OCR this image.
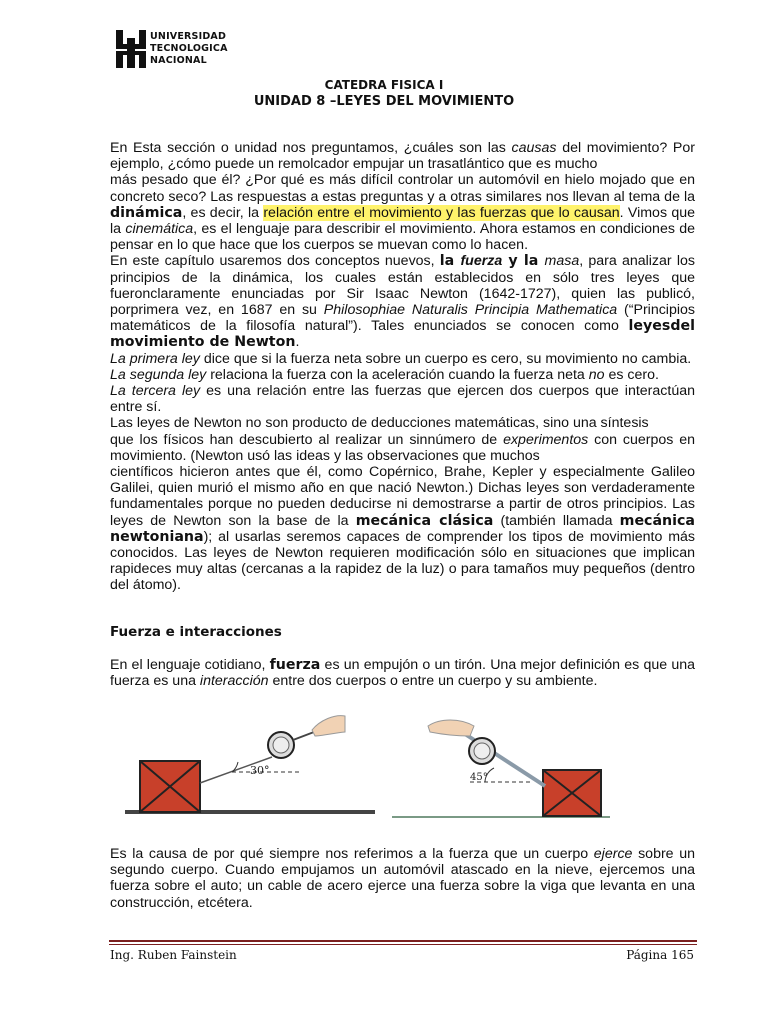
UNIVERSIDAD
TECNOLOGICA
NACIONAL
CATEDRA FISICA I
UNIDAD 8 –LEYES DEL MOVIMIENTO

En Esta sección o unidad nos preguntamos, ¿cuáles son las causas del movimiento? Por ejemplo, ¿cómo puede un remolcador empujar un trasatlántico que es mucho

más pesado que él? ¿Por qué es más difícil controlar un automóvil en hielo mojado que en concreto seco? Las respuestas a estas preguntas y a otras similares nos llevan al tema de la dinámica, es decir, la relación entre el movimiento y las fuerzas que lo causan. Vimos que la cinemática, es el lenguaje para describir el movimiento. Ahora estamos en condiciones de pensar en lo que hace que los cuerpos se muevan como lo hacen.

En este capítulo usaremos dos conceptos nuevos, la fuerza y la masa, para analizar los principios de la dinámica, los cuales están establecidos en sólo tres leyes que fueronclaramente enunciadas por Sir Isaac Newton (1642-1727), quien las publicó, porprimera vez, en 1687 en su Philosophiae Naturalis Principia Mathematica (“Principios matemáticos de la filosofía natural”). Tales enunciados se conocen como leyesdel movimiento de Newton.

La primera ley dice que si la fuerza neta sobre un cuerpo es cero, su movimiento no cambia.

La segunda ley relaciona la fuerza con la aceleración cuando la fuerza neta no es cero.

La tercera ley es una relación entre las fuerzas que ejercen dos cuerpos que interactúan entre sí.

Las leyes de Newton no son producto de deducciones matemáticas, sino una síntesis

que los físicos han descubierto al realizar un sinnúmero de experimentos con cuerpos en movimiento. (Newton usó las ideas y las observaciones que muchos

científicos hicieron antes que él, como Copérnico, Brahe, Kepler y especialmente Galileo Galilei, quien murió el mismo año en que nació Newton.) Dichas leyes son verdaderamente fundamentales porque no pueden deducirse ni demostrarse a partir de otros principios. Las leyes de Newton son la base de la mecánica clásica (también llamada mecánica newtoniana); al usarlas seremos capaces de comprender los tipos de movimiento más conocidos. Las leyes de Newton requieren modificación sólo en situaciones que implican rapideces muy altas (cercanas a la rapidez de la luz) o para tamaños muy pequeños (dentro del átomo).

Fuerza e interacciones

En el lenguaje cotidiano, fuerza es un empujón o un tirón. Una mejor definición es que una fuerza es una interacción entre dos cuerpos o entre un cuerpo y su ambiente.

30°
45°

Es la causa de por qué siempre nos referimos a la fuerza que un cuerpo ejerce sobre un segundo cuerpo. Cuando empujamos un automóvil atascado en la nieve, ejercemos una fuerza sobre el auto; un cable de acero ejerce una fuerza sobre la viga que levanta en una construcción, etcétera.

Ing. Ruben Fainstein	Página 165
